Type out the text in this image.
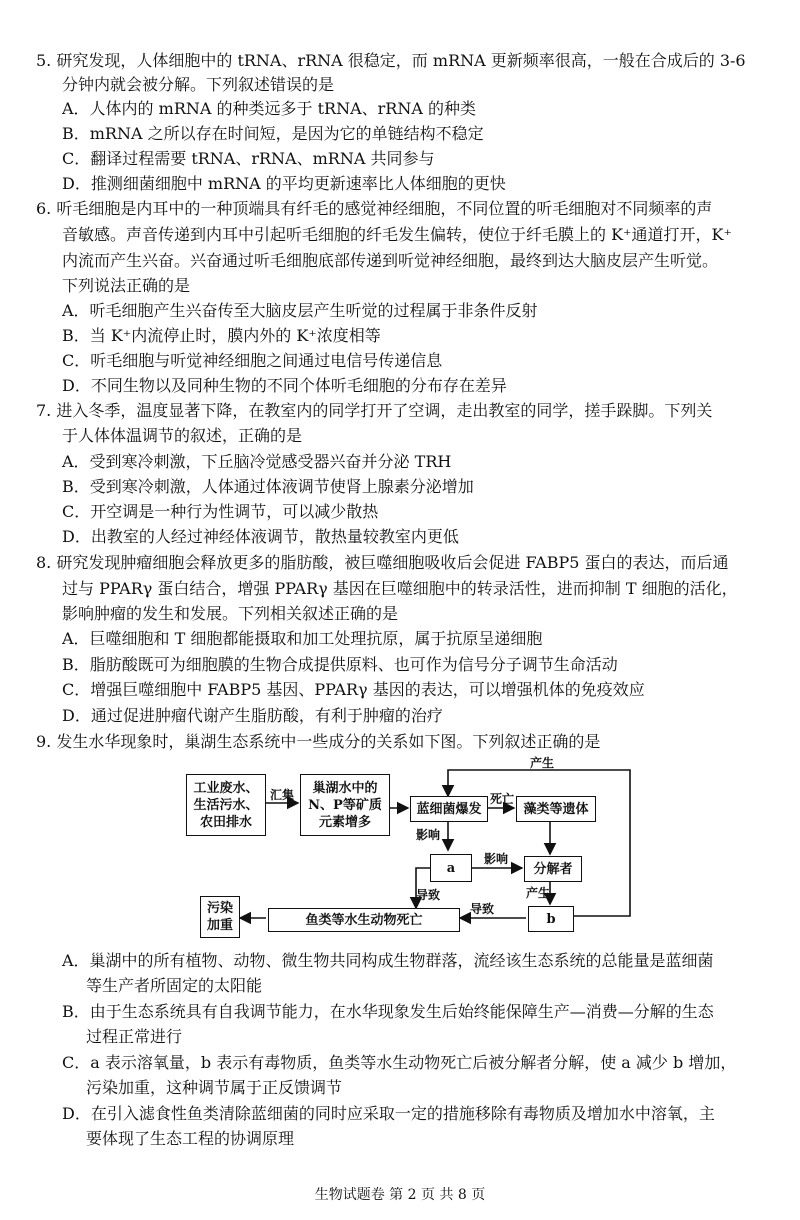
5. 研究发现，人体细胞中的 tRNA、rRNA 很稳定，而 mRNA 更新频率很高，一般在合成后的 3-6
分钟内就会被分解。下列叙述错误的是
A．人体内的 mRNA 的种类远多于 tRNA、rRNA 的种类
B．mRNA 之所以存在时间短，是因为它的单链结构不稳定
C．翻译过程需要 tRNA、rRNA、mRNA 共同参与
D．推测细菌细胞中 mRNA 的平均更新速率比人体细胞的更快
6. 听毛细胞是内耳中的一种顶端具有纤毛的感觉神经细胞，不同位置的听毛细胞对不同频率的声
音敏感。声音传递到内耳中引起听毛细胞的纤毛发生偏转，使位于纤毛膜上的 K⁺通道打开，K⁺
内流而产生兴奋。兴奋通过听毛细胞底部传递到听觉神经细胞，最终到达大脑皮层产生听觉。
下列说法正确的是
A．听毛细胞产生兴奋传至大脑皮层产生听觉的过程属于非条件反射
B．当 K⁺内流停止时，膜内外的 K⁺浓度相等
C．听毛细胞与听觉神经细胞之间通过电信号传递信息
D．不同生物以及同种生物的不同个体听毛细胞的分布存在差异
7. 进入冬季，温度显著下降，在教室内的同学打开了空调，走出教室的同学，搓手跺脚。下列关
于人体体温调节的叙述，正确的是
A．受到寒冷刺激，下丘脑冷觉感受器兴奋并分泌 TRH
B．受到寒冷刺激，人体通过体液调节使肾上腺素分泌增加
C．开空调是一种行为性调节，可以减少散热
D．出教室的人经过神经体液调节，散热量较教室内更低
8. 研究发现肿瘤细胞会释放更多的脂肪酸，被巨噬细胞吸收后会促进 FABP5 蛋白的表达，而后通
过与 PPARγ 蛋白结合，增强 PPARγ 基因在巨噬细胞中的转录活性，进而抑制 T 细胞的活化，
影响肿瘤的发生和发展。下列相关叙述正确的是
A．巨噬细胞和 T 细胞都能摄取和加工处理抗原，属于抗原呈递细胞
B．脂肪酸既可为细胞膜的生物合成提供原料、也可作为信号分子调节生命活动
C．增强巨噬细胞中 FABP5 基因、PPARγ 基因的表达，可以增强机体的免疫效应
D．通过促进肿瘤代谢产生脂肪酸，有利于肿瘤的治疗
9. 发生水华现象时，巢湖生态系统中一些成分的关系如下图。下列叙述正确的是
工业废水、
生活污水、
农田排水
汇集	巢湖水中的
N、P等矿质
元素增多
蓝细菌爆发
死亡
藻类等遗体
产生
影响
a
影响
分解者
产生
导致
导致
b
鱼类等水生动物死亡
污染
加重
A．巢湖中的所有植物、动物、微生物共同构成生物群落，流经该生态系统的总能量是蓝细菌
等生产者所固定的太阳能
B．由于生态系统具有自我调节能力，在水华现象发生后始终能保障生产—消费—分解的生态
过程正常进行
C．a 表示溶氧量，b 表示有毒物质，鱼类等水生动物死亡后被分解者分解，使 a 减少 b 增加，
污染加重，这种调节属于正反馈调节
D．在引入滤食性鱼类清除蓝细菌的同时应采取一定的措施移除有毒物质及增加水中溶氧，主
要体现了生态工程的协调原理
生物试题卷 第 2 页 共 8 页
